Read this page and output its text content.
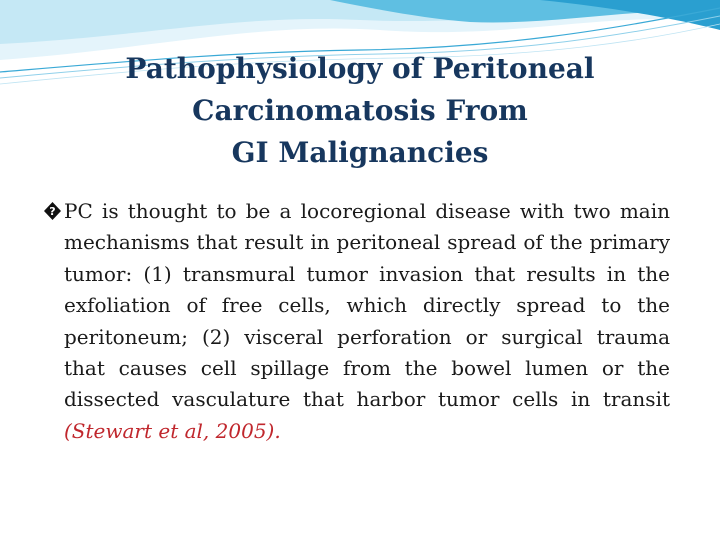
Pathophysiology of Peritoneal
Carcinomatosis From
GI Malignancies
? PC is thought to be a locoregional disease with two main mechanisms that result in peritoneal spread of the primary tumor: (1) transmural tumor invasion that results in the exfoliation of free cells, which directly spread to the peritoneum; (2) visceral perforation or surgical trauma that causes cell spillage from the bowel lumen or the dissected vasculature that harbor tumor cells in transit (Stewart et al, 2005).
